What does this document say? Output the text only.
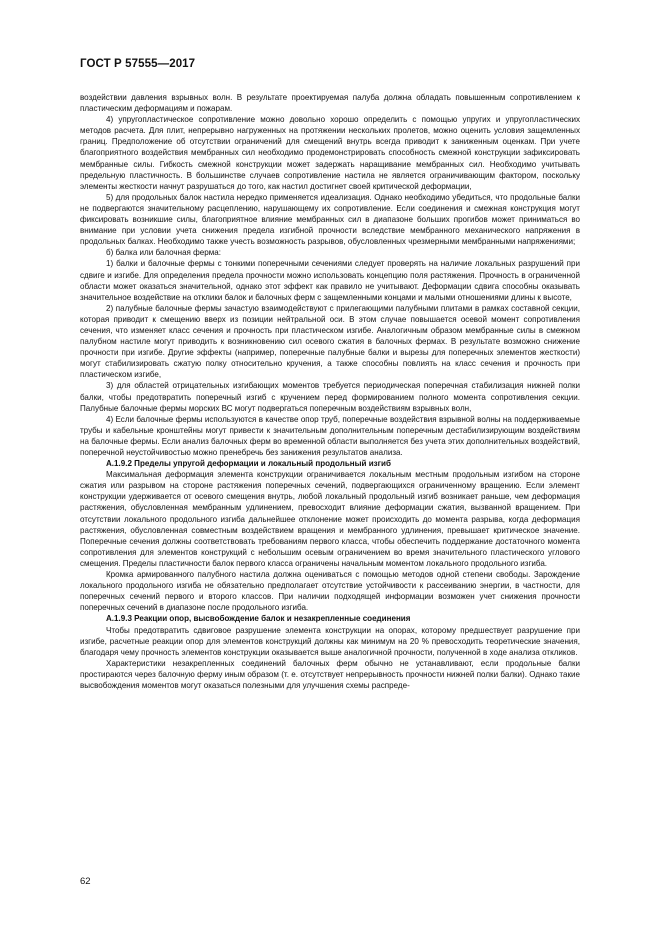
ГОСТ Р 57555—2017

воздействии давления взрывных волн. В результате проектируемая палуба должна обладать повышенным сопротивлением к пластическим деформациям и пожарам.

4) упругопластическое сопротивление можно довольно хорошо определить с помощью упругих и упругопластических методов расчета. Для плит, непрерывно нагруженных на протяжении нескольких пролетов, можно оценить условия защемленных границ. Предположение об отсутствии ограничений для смещений внутрь всегда приводит к заниженным оценкам. При учете благоприятного воздействия мембранных сил необходимо продемонстрировать способность смежной конструкции зафиксировать мембранные силы. Гибкость смежной конструкции может задержать наращивание мембранных сил. Необходимо учитывать предельную пластичность. В большинстве случаев сопротивление настила не является ограничивающим фактором, поскольку элементы жесткости начнут разрушаться до того, как настил достигнет своей критической деформации,

5) для продольных балок настила нередко применяется идеализация. Однако необходимо убедиться, что продольные балки не подвергаются значительному расцеплению, нарушающему их сопротивление. Если соединения и смежная конструкция могут фиксировать возникшие силы, благоприятное влияние мембранных сил в диапазоне больших прогибов может приниматься во внимание при условии учета снижения предела изгибной прочности вследствие мембранного механического напряжения в продольных балках. Необходимо также учесть возможность разрывов, обусловленных чрезмерными мембранными напряжениями;

б) балка или балочная ферма:

1) балки и балочные фермы с тонкими поперечными сечениями следует проверять на наличие локальных разрушений при сдвиге и изгибе. Для определения предела прочности можно использовать концепцию поля растяжения. Прочность в ограниченной области может оказаться значительной, однако этот эффект как правило не учитывают. Деформации сдвига способны оказывать значительное воздействие на отклики балок и балочных ферм с защемленными концами и малыми отношениями длины к высоте,

2) палубные балочные фермы зачастую взаимодействуют с прилегающими палубными плитами в рамках составной секции, которая приводит к смещению вверх из позиции нейтральной оси. В этом случае повышается осевой момент сопротивления сечения, что изменяет класс сечения и прочность при пластическом изгибе. Аналогичным образом мембранные силы в смежном палубном настиле могут приводить к возникновению сил осевого сжатия в балочных фермах. В результате возможно снижение прочности при изгибе. Другие эффекты (например, поперечные палубные балки и вырезы для поперечных элементов жесткости) могут стабилизировать сжатую полку относительно кручения, а также способны повлиять на класс сечения и прочность при пластическом изгибе,

3) для областей отрицательных изгибающих моментов требуется периодическая поперечная стабилизация нижней полки балки, чтобы предотвратить поперечный изгиб с кручением перед формированием полного момента сопротивления секции. Палубные балочные фермы морских ВС могут подвергаться поперечным воздействиям взрывных волн,

4) Если балочные фермы используются в качестве опор труб, поперечные воздействия взрывной волны на поддерживаемые трубы и кабельные кронштейны могут привести к значительным дополнительным поперечным дестабилизирующим воздействиям на балочные фермы. Если анализ балочных ферм во временной области выполняется без учета этих дополнительных воздействий, поперечной неустойчивостью можно пренебречь без занижения результатов анализа.

А.1.9.2 Пределы упругой деформации и локальный продольный изгиб

Максимальная деформация элемента конструкции ограничивается локальным местным продольным изгибом на стороне сжатия или разрывом на стороне растяжения поперечных сечений, подвергающихся ограниченному вращению. Если элемент конструкции удерживается от осевого смещения внутрь, любой локальный продольный изгиб возникает раньше, чем деформация растяжения, обусловленная мембранным удлинением, превосходит влияние деформации сжатия, вызванной вращением. При отсутствии локального продольного изгиба дальнейшее отклонение может происходить до момента разрыва, когда деформация растяжения, обусловленная совместным воздействием вращения и мембранного удлинения, превышает критическое значение. Поперечные сечения должны соответствовать требованиям первого класса, чтобы обеспечить поддержание достаточного момента сопротивления для элементов конструкций с небольшим осевым ограничением во время значительного пластического углового смещения. Пределы пластичности балок первого класса ограничены начальным моментом локального продольного изгиба.

Кромка армированного палубного настила должна оцениваться с помощью методов одной степени свободы. Зарождение локального продольного изгиба не обязательно предполагает отсутствие устойчивости к рассеиванию энергии, в частности, для поперечных сечений первого и второго классов. При наличии подходящей информации возможен учет снижения прочности поперечных сечений в диапазоне после продольного изгиба.

А.1.9.3 Реакции опор, высвобождение балок и незакрепленные соединения

Чтобы предотвратить сдвиговое разрушение элемента конструкции на опорах, которому предшествует разрушение при изгибе, расчетные реакции опор для элементов конструкций должны как минимум на 20 % превосходить теоретические значения, благодаря чему прочность элементов конструкции оказывается выше аналогичной прочности, полученной в ходе анализа откликов.

Характеристики незакрепленных соединений балочных ферм обычно не устанавливают, если продольные балки простираются через балочную ферму иным образом (т. е. отсутствует непрерывность прочности нижней полки балки). Однако такие высвобождения моментов могут оказаться полезными для улучшения схемы распреде-

62
